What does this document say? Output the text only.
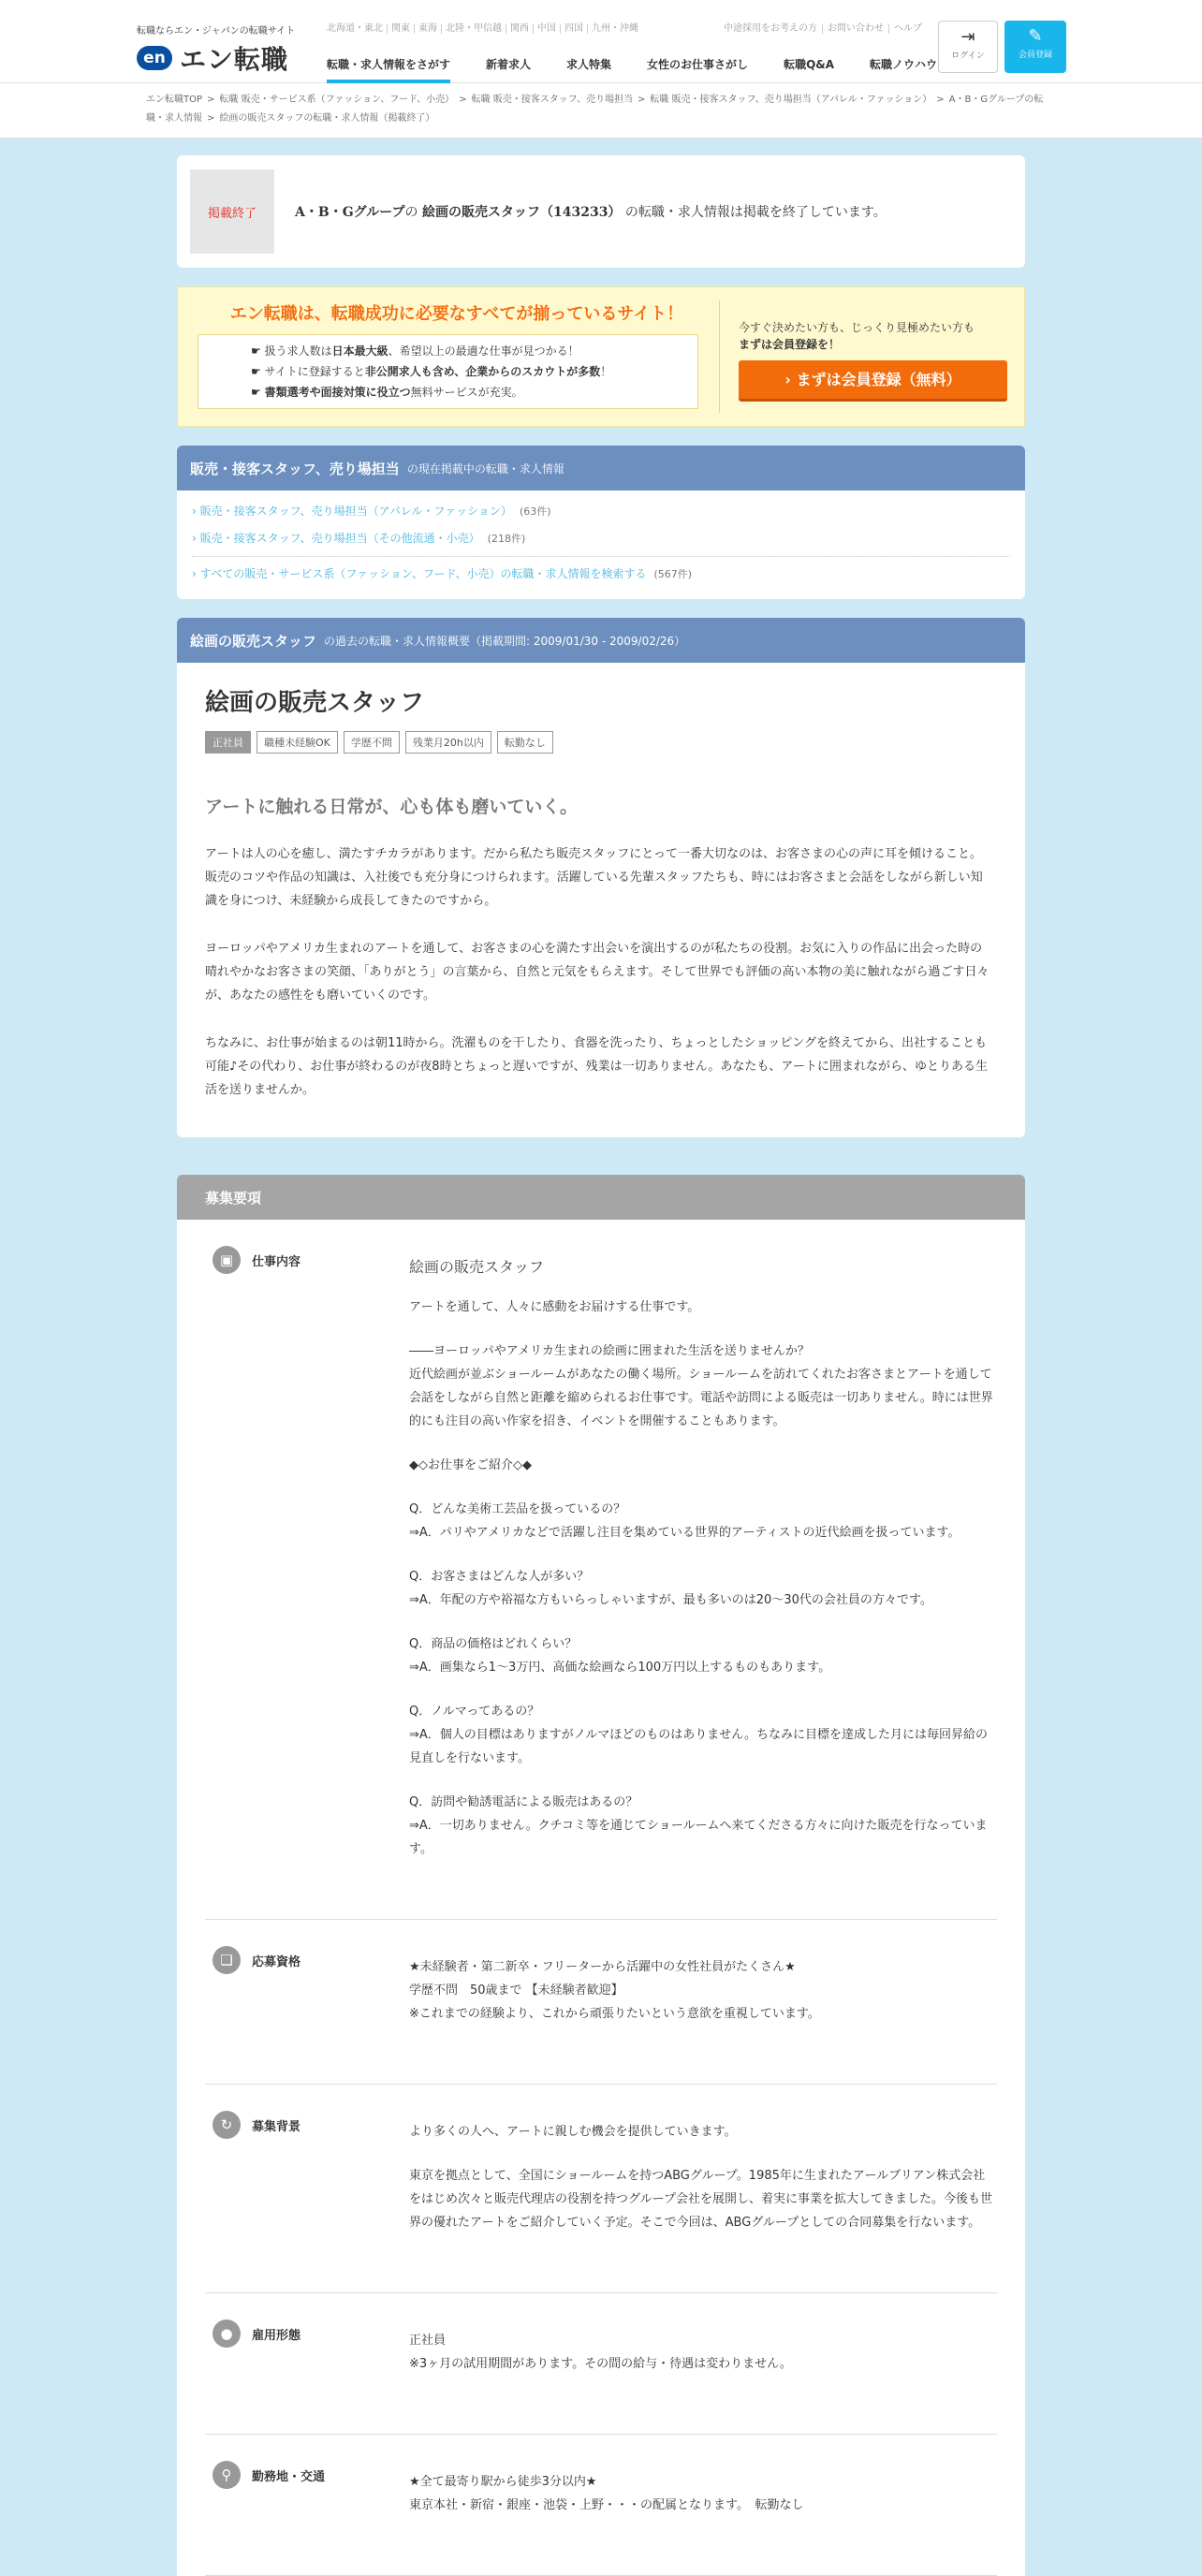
転職ならエン・ジャパンの転職サイト
en エン転職
北海道・東北 関東 東海 北陸・甲信越 関西 中国 四国 九州・沖縄	中途採用をお考えの方	お問い合わせ	ヘルプ
転職・求人情報をさがす	新着求人	求人特集	女性のお仕事さがし	転職Q&A	転職ノウハウ
⇥
ログイン
✎
会員登録
エン転職TOP > 転職 販売・サービス系（ファッション、フード、小売） > 転職 販売・接客スタッフ、売り場担当 > 転職 販売・接客スタッフ、売り場担当（アパレル・ファッション） > A・B・Gグループの転職・求人情報 > 絵画の販売スタッフの転職・求人情報（掲載終了）
掲載終了	A・B・Gグループの 絵画の販売スタッフ（143233） の転職・求人情報は掲載を終了しています。
エン転職は、転職成功に必要なすべてが揃っているサイト！
☛ 扱う求人数は日本最大級、希望以上の最適な仕事が見つかる！
☛ サイトに登録すると非公開求人も含め、企業からのスカウトが多数！
☛ 書類選考や面接対策に役立つ無料サービスが充実。
今すぐ決めたい方も、じっくり見極めたい方も
まずは会員登録を！
› まずは会員登録（無料）
販売・接客スタッフ、売り場担当 の現在掲載中の転職・求人情報
› 販売・接客スタッフ、売り場担当（アパレル・ファッション） (63件)
› 販売・接客スタッフ、売り場担当（その他流通・小売） (218件)
› すべての販売・サービス系（ファッション、フード、小売）の転職・求人情報を検索する (567件)
絵画の販売スタッフ の過去の転職・求人情報概要（掲載期間: 2009/01/30 - 2009/02/26）
絵画の販売スタッフ
正社員	職種未経験OK	学歴不問	残業月20h以内	転勤なし
アートに触れる日常が、心も体も磨いていく。
アートは人の心を癒し、満たすチカラがあります。だから私たち販売スタッフにとって一番大切なのは、お客さまの心の声に耳を傾けること。販売のコツや作品の知識は、入社後でも充分身につけられます。活躍している先輩スタッフたちも、時にはお客さまと会話をしながら新しい知識を身につけ、未経験から成長してきたのですから。
ヨーロッパやアメリカ生まれのアートを通して、お客さまの心を満たす出会いを演出するのが私たちの役割。お気に入りの作品に出会った時の晴れやかなお客さまの笑顔、「ありがとう」の言葉から、自然と元気をもらえます。そして世界でも評価の高い本物の美に触れながら過ごす日々が、あなたの感性をも磨いていくのです。
ちなみに、お仕事が始まるのは朝11時から。洗濯ものを干したり、食器を洗ったり、ちょっとしたショッピングを終えてから、出社することも可能♪その代わり、お仕事が終わるのが夜8時とちょっと遅いですが、残業は一切ありません。あなたも、アートに囲まれながら、ゆとりある生活を送りませんか。
募集要項
▣	仕事内容	絵画の販売スタッフ

アートを通して、人々に感動をお届けする仕事です。

――ヨーロッパやアメリカ生まれの絵画に囲まれた生活を送りませんか？
近代絵画が並ぶショールームがあなたの働く場所。ショールームを訪れてくれたお客さまとアートを通して会話をしながら自然と距離を縮められるお仕事です。電話や訪問による販売は一切ありません。時には世界的にも注目の高い作家を招き、イベントを開催することもあります。

◆◇お仕事をご紹介◇◆

Q．どんな美術工芸品を扱っているの？
⇒A．パリやアメリカなどで活躍し注目を集めている世界的アーティストの近代絵画を扱っています。

Q．お客さまはどんな人が多い？
⇒A．年配の方や裕福な方もいらっしゃいますが、最も多いのは20～30代の会社員の方々です。

Q．商品の価格はどれくらい？
⇒A．画集なら1～3万円、高価な絵画なら100万円以上するものもあります。

Q．ノルマってあるの？
⇒A．個人の目標はありますがノルマほどのものはありません。ちなみに目標を達成した月には毎回昇給の見直しを行ないます。

Q．訪問や勧誘電話による販売はあるの？
⇒A．一切ありません。クチコミ等を通じてショールームへ来てくださる方々に向けた販売を行なっています。

❏	応募資格	★未経験者・第二新卒・フリーターから活躍中の女性社員がたくさん★
学歴不問　50歳まで 【未経験者歓迎】
※これまでの経験より、これから頑張りたいという意欲を重視しています。

↻	募集背景	より多くの人へ、アートに親しむ機会を提供していきます。

東京を拠点として、全国にショールームを持つABGグループ。1985年に生まれたアールブリアン株式会社をはじめ次々と販売代理店の役割を持つグループ会社を展開し、着実に事業を拡大してきました。今後も世界の優れたアートをご紹介していく予定。そこで今回は、ABGグループとしての合同募集を行ないます。

●	雇用形態	正社員
※3ヶ月の試用期間があります。その間の給与・待遇は変わりません。

⚲	勤務地・交通	★全て最寄り駅から徒歩3分以内★
東京本社・新宿・銀座・池袋・上野・・・の配属となります。　転勤なし
